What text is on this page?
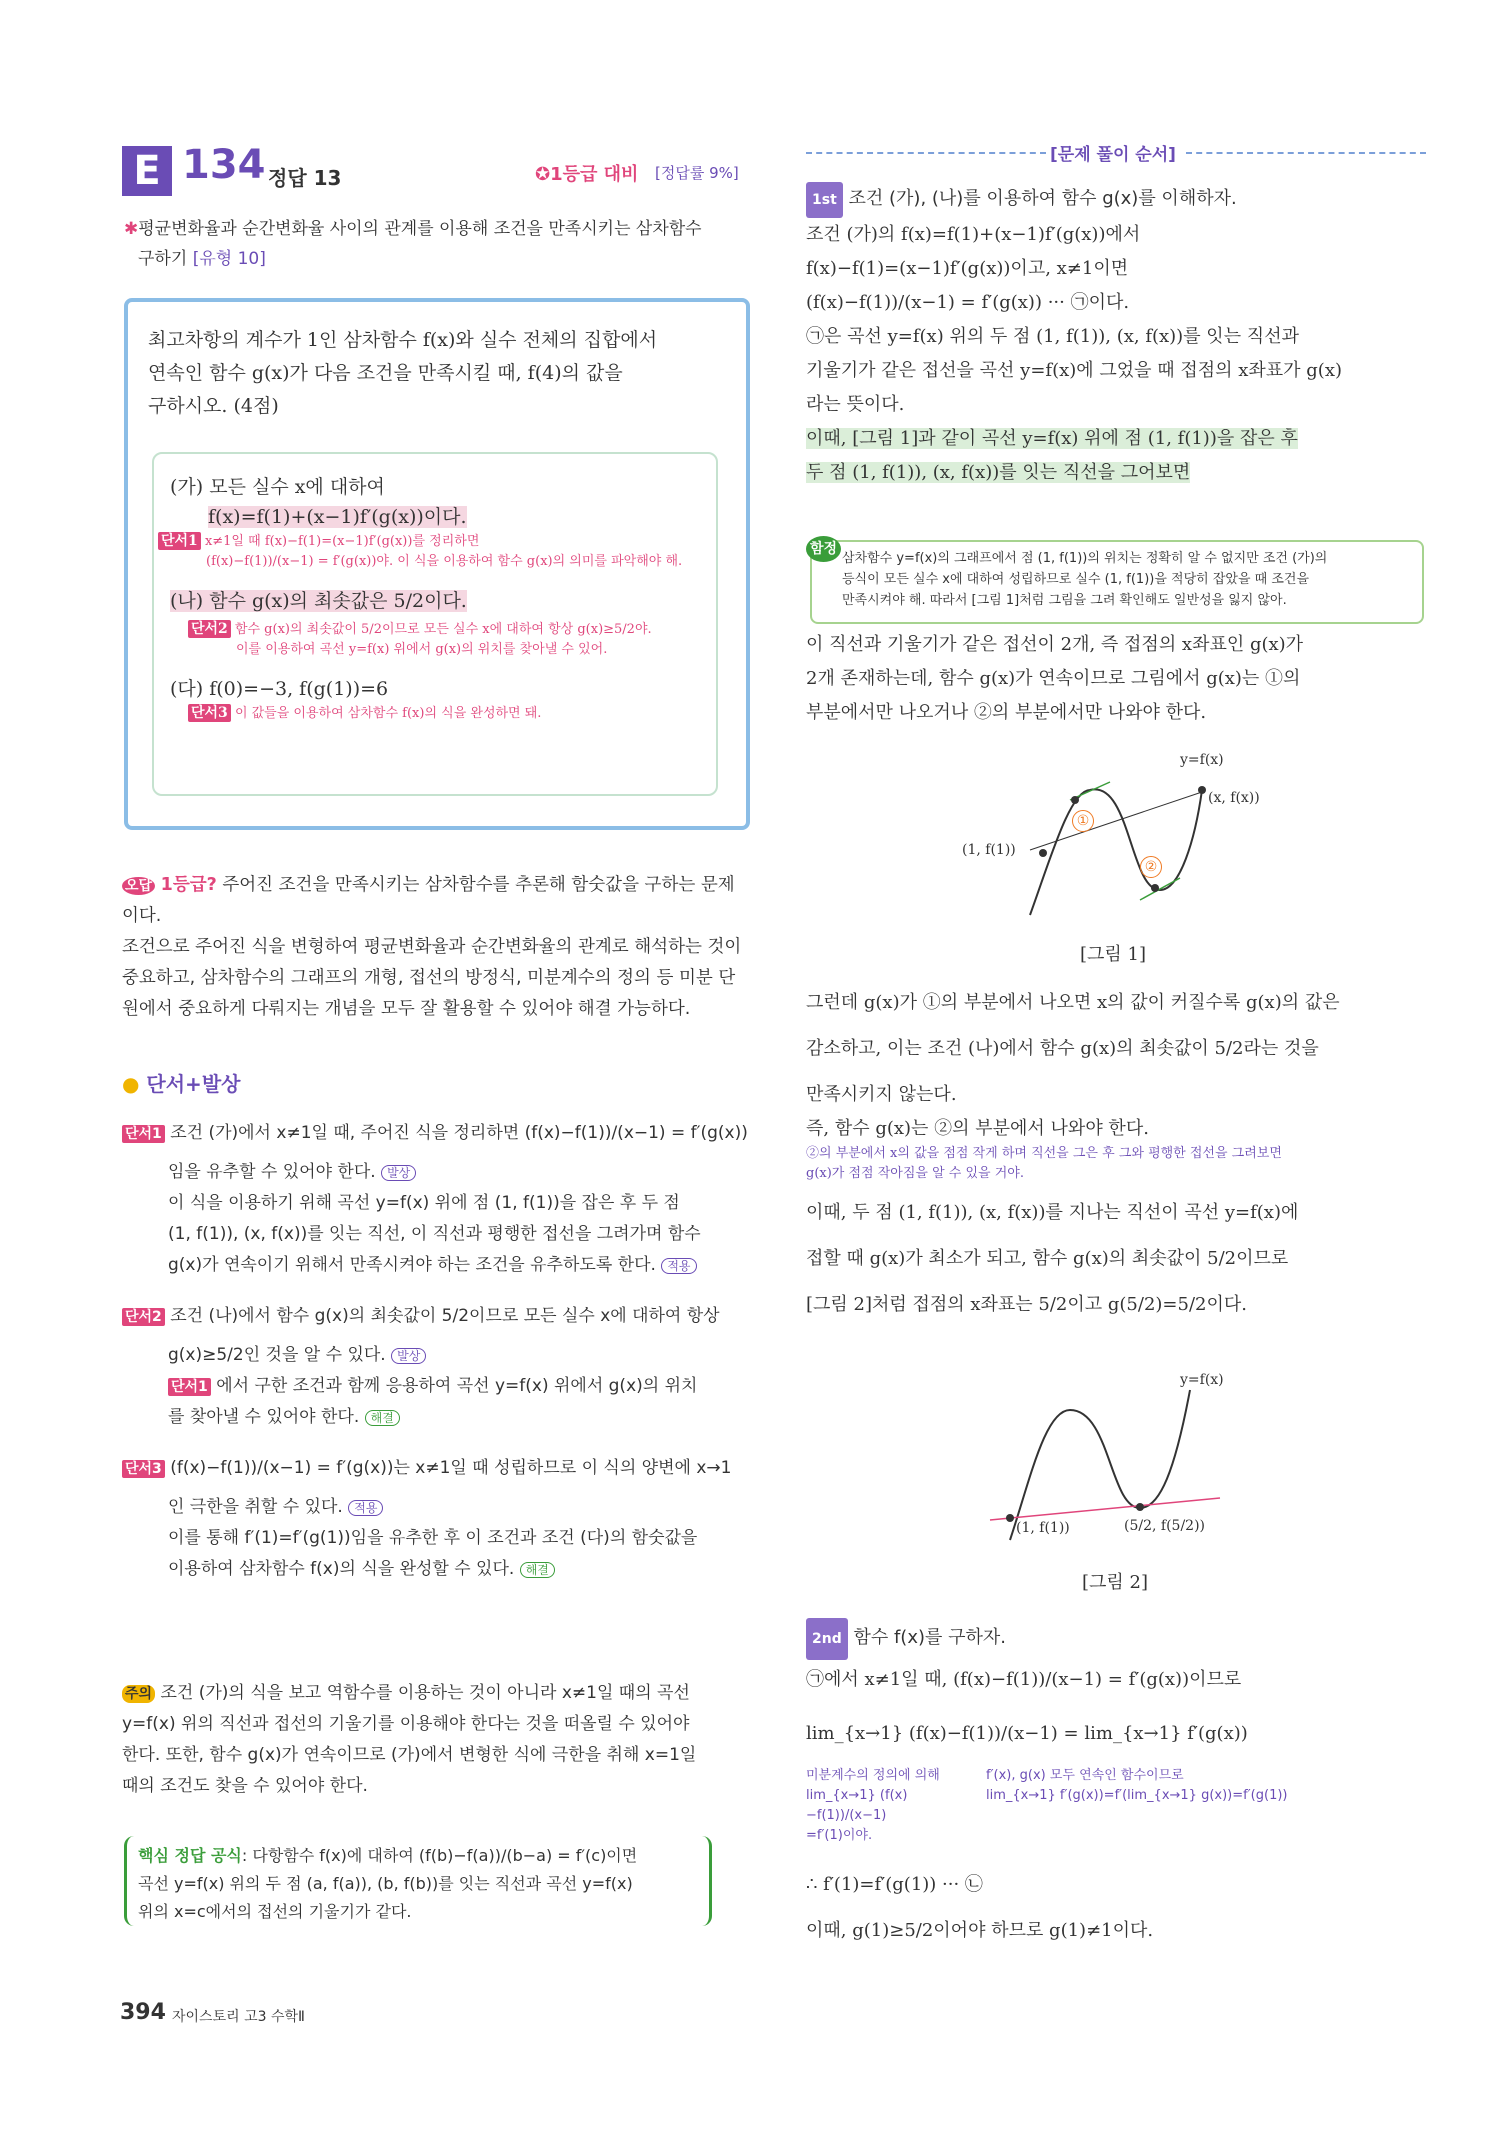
E 134 정답 13	✪1등급 대비 [정답률 9%]
✱평균변화율과 순간변화율 사이의 관계를 이용해 조건을 만족시키는 삼차함수
구하기 [유형 10]
최고차항의 계수가 1인 삼차함수 f(x)와 실수 전체의 집합에서
연속인 함수 g(x)가 다음 조건을 만족시킬 때, f(4)의 값을
구하시오. (4점)
(가) 모든 실수 x에 대하여
f(x)=f(1)+(x−1)f′(g(x))이다.
단서1 x≠1일 때 f(x)−f(1)=(x−1)f′(g(x))를 정리하면
(f(x)−f(1))/(x−1) = f′(g(x))야. 이 식을 이용하여 함수 g(x)의 의미를 파악해야 해.
(나) 함수 g(x)의 최솟값은 5/2이다.
단서2 함수 g(x)의 최솟값이 5/2이므로 모든 실수 x에 대하여 항상 g(x)≥5/2야.
이를 이용하여 곡선 y=f(x) 위에서 g(x)의 위치를 찾아낼 수 있어.
(다) f(0)=−3, f(g(1))=6
단서3 이 값들을 이용하여 삼차함수 f(x)의 식을 완성하면 돼.
오답 1등급? 주어진 조건을 만족시키는 삼차함수를 추론해 함숫값을 구하는 문제
이다.
조건으로 주어진 식을 변형하여 평균변화율과 순간변화율의 관계로 해석하는 것이
중요하고, 삼차함수의 그래프의 개형, 접선의 방정식, 미분계수의 정의 등 미분 단
원에서 중요하게 다뤄지는 개념을 모두 잘 활용할 수 있어야 해결 가능하다.
● 단서+발상
단서1 조건 (가)에서 x≠1일 때, 주어진 식을 정리하면 (f(x)−f(1))/(x−1) = f′(g(x))
임을 유추할 수 있어야 한다. 발상
이 식을 이용하기 위해 곡선 y=f(x) 위에 점 (1, f(1))을 잡은 후 두 점
(1, f(1)), (x, f(x))를 잇는 직선, 이 직선과 평행한 접선을 그려가며 함수
g(x)가 연속이기 위해서 만족시켜야 하는 조건을 유추하도록 한다. 적용
단서2 조건 (나)에서 함수 g(x)의 최솟값이 5/2이므로 모든 실수 x에 대하여 항상
g(x)≥5/2인 것을 알 수 있다. 발상
단서1 에서 구한 조건과 함께 응용하여 곡선 y=f(x) 위에서 g(x)의 위치
를 찾아낼 수 있어야 한다. 해결
단서3 (f(x)−f(1))/(x−1) = f′(g(x))는 x≠1일 때 성립하므로 이 식의 양변에 x→1
인 극한을 취할 수 있다. 적용
이를 통해 f′(1)=f′(g(1))임을 유추한 후 이 조건과 조건 (다)의 함숫값을
이용하여 삼차함수 f(x)의 식을 완성할 수 있다. 해결
주의 조건 (가)의 식을 보고 역함수를 이용하는 것이 아니라 x≠1일 때의 곡선
y=f(x) 위의 직선과 접선의 기울기를 이용해야 한다는 것을 떠올릴 수 있어야
한다. 또한, 함수 g(x)가 연속이므로 (가)에서 변형한 식에 극한을 취해 x=1일
때의 조건도 찾을 수 있어야 한다.
핵심 정답 공식: 다항함수 f(x)에 대하여 (f(b)−f(a))/(b−a) = f′(c)이면
곡선 y=f(x) 위의 두 점 (a, f(a)), (b, f(b))를 잇는 직선과 곡선 y=f(x)
위의 x=c에서의 접선의 기울기가 같다.
394 자이스토리 고3 수학Ⅱ
[문제 풀이 순서]
1st 조건 (가), (나)를 이용하여 함수 g(x)를 이해하자.
조건 (가)의 f(x)=f(1)+(x−1)f′(g(x))에서
f(x)−f(1)=(x−1)f′(g(x))이고, x≠1이면
(f(x)−f(1))/(x−1) = f′(g(x)) ··· ㉠이다.
㉠은 곡선 y=f(x) 위의 두 점 (1, f(1)), (x, f(x))를 잇는 직선과
기울기가 같은 접선을 곡선 y=f(x)에 그었을 때 접점의 x좌표가 g(x)
라는 뜻이다.
이때, [그림 1]과 같이 곡선 y=f(x) 위에 점 (1, f(1))을 잡은 후
두 점 (1, f(1)), (x, f(x))를 잇는 직선을 그어보면
함정
삼차함수 y=f(x)의 그래프에서 점 (1, f(1))의 위치는 정확히 알 수 없지만 조건 (가)의
등식이 모든 실수 x에 대하여 성립하므로 실수 (1, f(1))을 적당히 잡았을 때 조건을
만족시켜야 해. 따라서 [그림 1]처럼 그림을 그려 확인해도 일반성을 잃지 않아.
이 직선과 기울기가 같은 접선이 2개, 즉 접점의 x좌표인 g(x)가
2개 존재하는데, 함수 g(x)가 연속이므로 그림에서 g(x)는 ①의
부분에서만 나오거나 ②의 부분에서만 나와야 한다.
y=f(x)
(x, f(x))
(1, f(1))
①
②
[그림 1]
그런데 g(x)가 ①의 부분에서 나오면 x의 값이 커질수록 g(x)의 값은
감소하고, 이는 조건 (나)에서 함수 g(x)의 최솟값이 5/2라는 것을
만족시키지 않는다.
즉, 함수 g(x)는 ②의 부분에서 나와야 한다.
②의 부분에서 x의 값을 점점 작게 하며 직선을 그은 후 그와 평행한 접선을 그려보면
g(x)가 점점 작아짐을 알 수 있을 거야.
이때, 두 점 (1, f(1)), (x, f(x))를 지나는 직선이 곡선 y=f(x)에
접할 때 g(x)가 최소가 되고, 함수 g(x)의 최솟값이 5/2이므로
[그림 2]처럼 접점의 x좌표는 5/2이고 g(5/2)=5/2이다.
y=f(x)
(1, f(1))	(5/2, f(5/2))
[그림 2]
2nd 함수 f(x)를 구하자.
㉠에서 x≠1일 때, (f(x)−f(1))/(x−1) = f′(g(x))이므로
lim_{x→1} (f(x)−f(1))/(x−1) = lim_{x→1} f′(g(x))
미분계수의 정의에 의해
lim_{x→1} (f(x)−f(1))/(x−1)
=f′(1)이야.
f′(x), g(x) 모두 연속인 함수이므로
lim_{x→1} f′(g(x))=f′(lim_{x→1} g(x))=f′(g(1))
∴ f′(1)=f′(g(1)) ··· ㉡
이때, g(1)≥5/2이어야 하므로 g(1)≠1이다.
